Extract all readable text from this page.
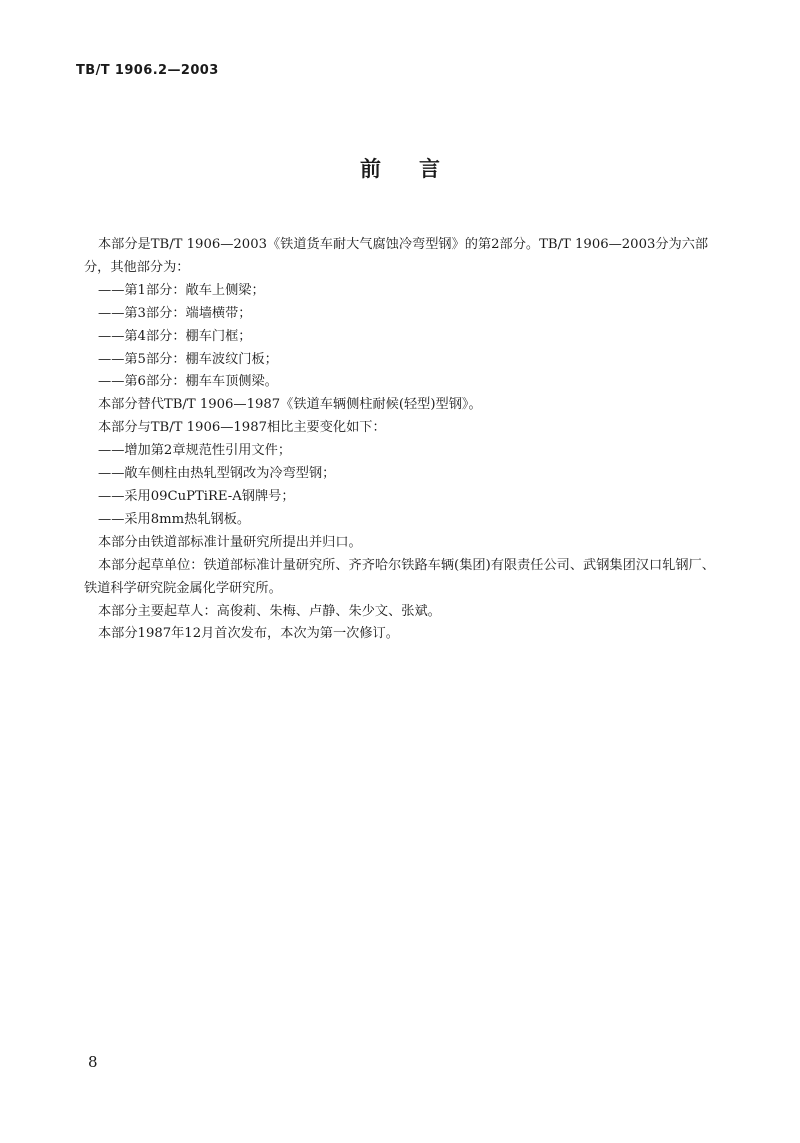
TB/T 1906.2—2003
前言

本部分是TB/T 1906—2003《铁道货车耐大气腐蚀冷弯型钢》的第2部分。TB/T 1906—2003分为六部分，其他部分为：

——第1部分：敞车上侧梁；

——第3部分：端墙横带；

——第4部分：棚车门框；

——第5部分：棚车波纹门板；

——第6部分：棚车车顶侧梁。

本部分替代TB/T 1906—1987《铁道车辆侧柱耐候(轻型)型钢》。

本部分与TB/T 1906—1987相比主要变化如下：

——增加第2章规范性引用文件；

——敞车侧柱由热轧型钢改为冷弯型钢；

——采用09CuPTiRE-A钢牌号；

——采用8mm热轧钢板。

本部分由铁道部标准计量研究所提出并归口。

本部分起草单位：铁道部标准计量研究所、齐齐哈尔铁路车辆(集团)有限责任公司、武钢集团汉口轧钢厂、铁道科学研究院金属化学研究所。

本部分主要起草人：高俊莉、朱梅、卢静、朱少文、张斌。

本部分1987年12月首次发布，本次为第一次修订。

8
